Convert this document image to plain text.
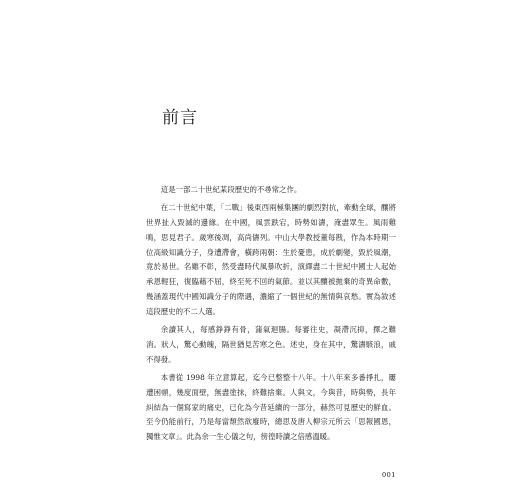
前言

這是一部二十世紀某段歷史的不尋常之作。

在二十世紀中葉，「二戰」後東西兩極集團的劇烈對抗，牽動全球，釀將世界扯入毀滅的邊緣。在中國，風雲跌宕，時勢如濤，淹盡眾生。風雨雞鳴，思見君子。歲寒後凋，高尚儔列。中山大學教授董每戡，作為本時期一位高級知識分子，身遭滯會，橫跨兩朝：生於憂患，成於劇變，毀於風潮，竟於易世。名雖不彰，然受盡時代風暴吹折，演繹盡二十世紀中國士人起始承恩輕狂，復臨藉不屈，終至死不回的氣節。並以其釀被拋棄的奇異命數，幾涵蓋現代中國知識分子的際遇，濃縮了一個世紀的無情與哀愁。實為敘述這段歷史的不二人選。

余讀其人，每感錚錚有骨，蒲氣迴腸。每審往史，凝滯沉抑，擇之難消。狀人，驚心動魄，隔世猶見苦寒之色。述史，身在其中，驚濤駭浪，戚不得發。

本書從 1998 年立意算起，迄今已整整十八年。十八年來多番掙扎，屢遭困頓，幾度面壁，無盡塗抹，終難捨棄。人與文，今與昔，時與勢，長年糾結為一個寫家的痛史，已化為今昔延續的一部分，赫然可見歷史的鮮血。至今仍能前行，乃是每當頹然欲廢時，總思及唐人柳宗元所云「思報國恩，獨惟文章」。此為余一生心儀之句，徬徨時讀之倍感溫暖。

001
